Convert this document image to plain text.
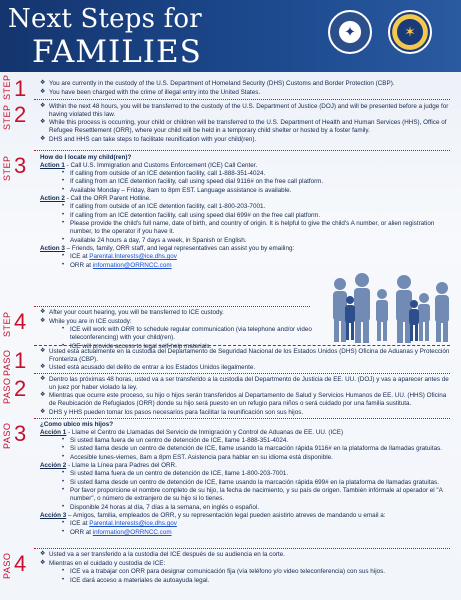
Next Steps for
FAMILIES
✦	✶
STEP 1 ❖ You are currently in the custody of the U.S. Department of Homeland Security (DHS) Customs and Border Protection (CBP).
❖ You have been charged with the crime of illegal entry into the United States.
STEP 2 ❖ Within the next 48 hours, you will be transferred to the custody of the U.S. Department of Justice (DOJ) and will be presented before a judge for having violated this law.
❖ While this process is occurring, your child or children will be transferred to the U.S. Department of Health and Human Services (HHS), Office of Refugee Resettlement (ORR), where your child will be held in a temporary child shelter or hosted by a foster family.
❖ DHS and HHS can take steps to facilitate reunification with your child(ren).
STEP 3 How do I locate my child(ren)?
Action 1 - Call U.S. Immigration and Customs Enforcement (ICE) Call Center.
• If calling from outside of an ICE detention facility, call 1-888-351-4024.
• If calling from an ICE detention facility, call using speed dial 9116# on the free call platform.
• Available Monday – Friday, 8am to 8pm EST. Language assistance is available.
Action 2 - Call the ORR Parent Hotline.
• If calling from outside of an ICE detention facility, call 1-800-203-7001.
• If calling from an ICE detention facility, call using speed dial 699# on the free call platform.
• Please provide the child's full name, date of birth, and country of origin. It is helpful to give the child's A number, or alien registration number, to the operator if you have it.
• Available 24 hours a day, 7 days a week, in Spanish or English.
Action 3 – Friends, family, ORR staff, and legal representatives can assist you by emailing:
• ICE at Parental.Interests@ice.dhs.gov
• ORR at information@ORRNCC.com
STEP 4 ❖ After your court hearing, you will be transferred to ICE custody.
❖ While you are in ICE custody:
• ICE will work with ORR to schedule regular communication (via telephone and/or video teleconferencing) with your child(ren).
• ICE will provide access to legal self-help materials.
PASO 1 ❖ Usted está actualmente en la custodia del Departamento de Seguridad Nacional de los Estados Unidos (DHS) Oficina de Aduanas y Protección Fronteriza (CBP).
❖ Usted está acusado del delito de entrar a los Estados Unidos ilegalmente.
PASO 2 ❖ Dentro las próximas 48 horas, usted va a ser transferido a la custodia del Departmento de Justicia de EE. UU. (DOJ) y vas a aparecer antes de un juez por haber violado la ley.
❖ Mientras que ocurre este proceso, su hijo o hijos serán transferidos al Departamento de Salud y Servicios Humanos de EE. UU. (HHS) Oficina de Reubicación de Refugiados (ORR) donde su hijo será puesto en un refugio para niños o será cuidado por una familia sustituta.
❖ DHS y HHS pueden tomar los pasos necesarios para facilitar la reunificación son sus hijos.
PASO 3 ¿Como ubico mis hijos?
Acción 1 - Llame el Centro de Llamadas del Servicio de Inmigración y Control de Aduanas de EE. UU. (ICE)
• Si usted llama fuera de un centro de detención de ICE, llame 1-888-351-4024.
• Si usted llama desde un centro de detención de ICE, llame usando la marcación rápida 9116# en la plataforma de llamadas gratuitas.
• Accesible lunes-viernes, 8am a 8pm EST. Asistencia para hablar en su idioma está disponible.
Acción 2 - Llame la Línea para Padres del ORR.
• Si usted llama fuera de un centro de detención de ICE, llame 1-800-203-7001.
• Si usted llama desde un centro de detención de ICE, llame usando la marcación rápida 699# en la plataforma de llamadas gratuitas.
• Por favor proporcione el nombre completo de su hijo, la fecha de nacimiento, y su país de origen. También infórmale al operador el "A number", o número de extranjero de su hijo si lo tienes.
• Disponible 24 horas al día, 7 días a la semana, en inglés o español.
Acción 3 – Amigos, familia, empleados de ORR, y su representación legal pueden asistirlo atreves de mandando u email a:
• ICE at Parental.Interests@ice.dhs.gov
• ORR at information@ORRNCC.com
PASO 4 ❖ Usted va a ser transferido a la custodia del ICE después de su audiencia en la corte.
❖ Mientras en el cuidado y custodia de ICE:
• ICE va a trabajar con ORR para designar comunicación fija (vía teléfono y/o video teleconferencia) con sus hijos.
• ICE dará acceso a materiales de autoayuda legal.
